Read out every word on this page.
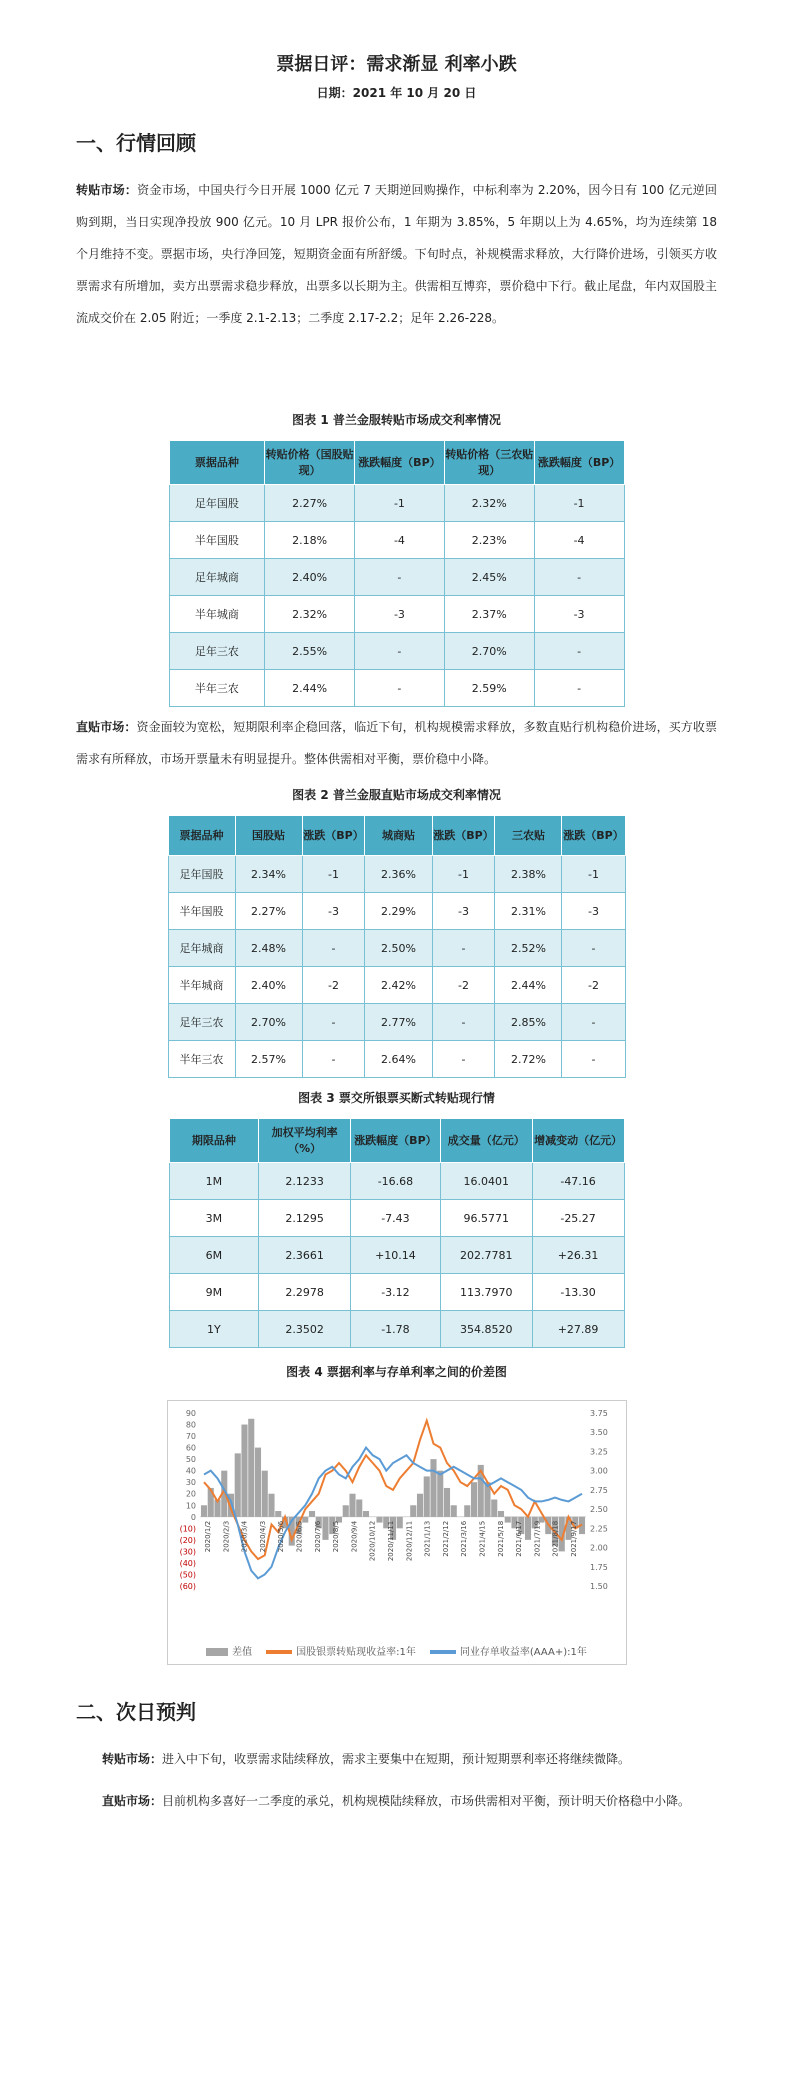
票据日评：需求渐显 利率小跌
日期：2021 年 10 月 20 日
一、行情回顾

转贴市场：资金市场，中国央行今日开展 1000 亿元 7 天期逆回购操作，中标利率为 2.20%，因今日有 100 亿元逆回购到期，当日实现净投放 900 亿元。10 月 LPR 报价公布，1 年期为 3.85%，5 年期以上为 4.65%，均为连续第 18 个月维持不变。票据市场，央行净回笼，短期资金面有所舒缓。下旬时点，补规模需求释放，大行降价进场，引领买方收票需求有所增加，卖方出票需求稳步释放，出票多以长期为主。供需相互博弈，票价稳中下行。截止尾盘，年内双国股主流成交价在 2.05 附近；一季度 2.1-2.13；二季度 2.17-2.2；足年 2.26-228。

图表 1 普兰金服转贴市场成交利率情况
票据品种	转贴价格（国股贴现）	涨跌幅度（BP）	转贴价格（三农贴现）	涨跌幅度（BP）
足年国股	2.27%	-1	2.32%	-1
半年国股	2.18%	-4	2.23%	-4
足年城商	2.40%	-	2.45%	-
半年城商	2.32%	-3	2.37%	-3
足年三农	2.55%	-	2.70%	-
半年三农	2.44%	-	2.59%	-

直贴市场：资金面较为宽松，短期限利率企稳回落，临近下旬，机构规模需求释放，多数直贴行机构稳价进场，买方收票需求有所释放，市场开票量未有明显提升。整体供需相对平衡，票价稳中小降。

图表 2 普兰金服直贴市场成交利率情况
票据品种	国股贴	涨跌（BP）	城商贴	涨跌（BP）	三农贴	涨跌（BP）
足年国股	2.34%	-1	2.36%	-1	2.38%	-1
半年国股	2.27%	-3	2.29%	-3	2.31%	-3
足年城商	2.48%	-	2.50%	-	2.52%	-
半年城商	2.40%	-2	2.42%	-2	2.44%	-2
足年三农	2.70%	-	2.77%	-	2.85%	-
半年三农	2.57%	-	2.64%	-	2.72%	-
图表 3 票交所银票买断式转贴现行情
期限品种	加权平均利率（%）	涨跌幅度（BP）	成交量（亿元）	增减变动（亿元）
1M	2.1233	-16.68	16.0401	-47.16
3M	2.1295	-7.43	96.5771	-25.27
6M	2.3661	+10.14	202.7781	+26.31
9M	2.2978	-3.12	113.7970	-13.30
1Y	2.3502	-1.78	354.8520	+27.89
图表 4 票据利率与存单利率之间的价差图
90
80
70
60
50
40
30
20
10
0
(10)
(20)
(30)
(40)
(50)
(60)
3.75
3.50
3.25
3.00
2.75
2.50
2.25
2.00
1.75
1.50
2020/1/2 2020/2/3 2020/3/4 2020/4/3 2020/5/6 2020/6/5 2020/7/6 2020/8/5 2020/9/4 2020/10/12 2020/11/11 2020/12/11 2021/1/13 2021/2/12 2021/3/16 2021/4/15 2021/5/18 2021/6/17 2021/7/19 2021/8/18 2021/9/17
差值	国股银票转贴现收益率:1年	同业存单收益率(AAA+):1年
二、次日预判

转贴市场：进入中下旬，收票需求陆续释放，需求主要集中在短期，预计短期票利率还将继续微降。

直贴市场：目前机构多喜好一二季度的承兑，机构规模陆续释放，市场供需相对平衡，预计明天价格稳中小降。
